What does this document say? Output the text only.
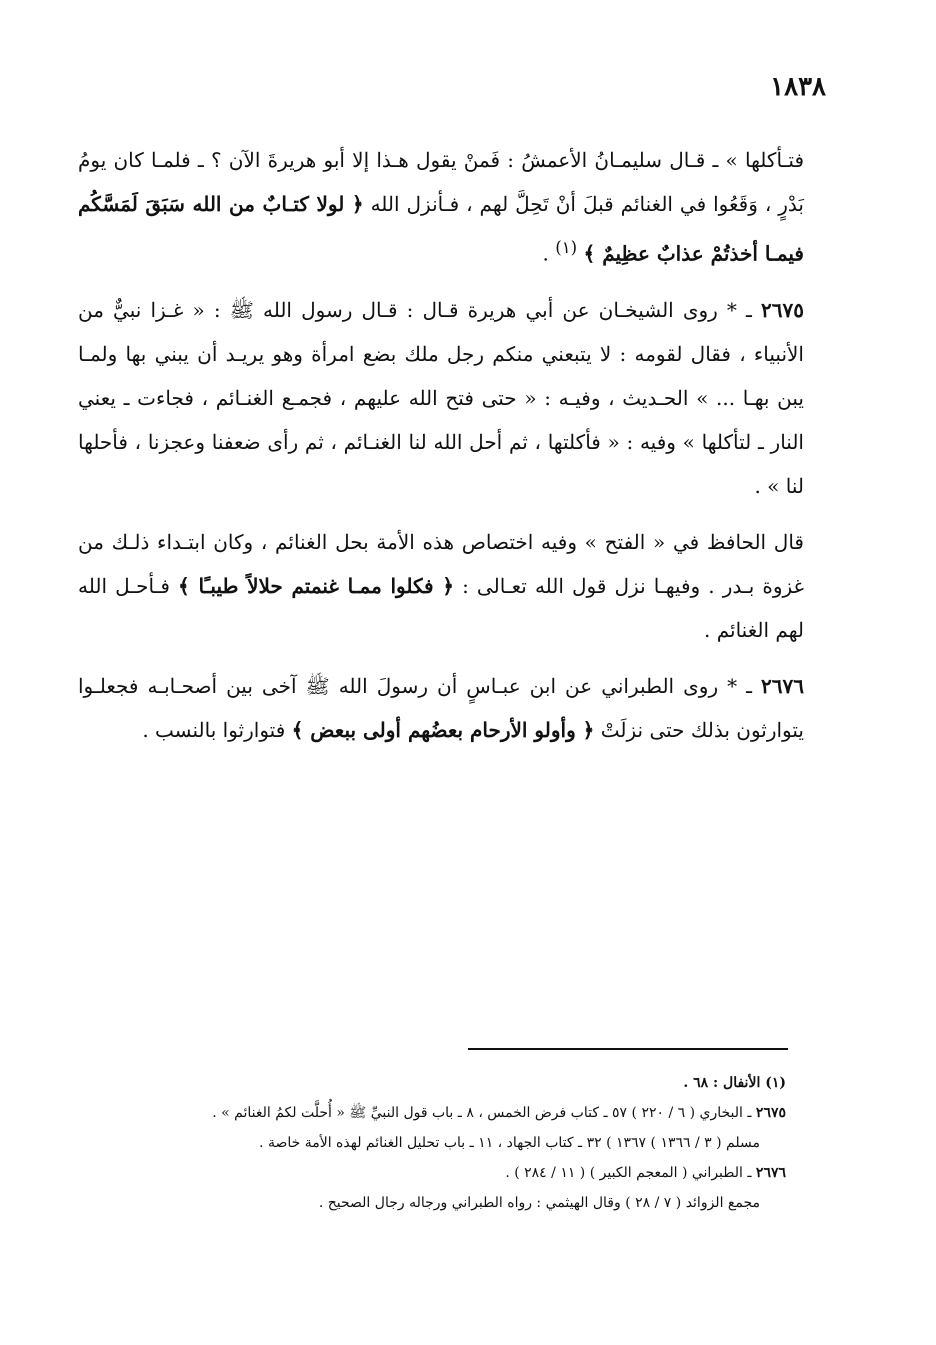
١٨٣٨

فتـأكلها » ـ قـال سليمـانُ الأعمشُ : فَمنْ يقول هـذا إلا أبو هريرةَ الآن ؟ ـ فلمـا كان يومُ بَدْرٍ ، وَقَعُوا في الغنائم قبلَ أنْ تَحِلَّ لهم ، فـأنزل الله ﴿ لولا كتـابٌ من الله سَبَقَ لَمَسَّكُم فيمـا أخذتُمْ عذابٌ عظِيمٌ ﴾ $^{(١)}$ .

٢٦٧٥ ـ * روى الشيخـان عن أبي هريرة قـال : قـال رسول الله ﷺ : « غـزا نبيٌّ من الأنبياء ، فقال لقومه : لا يتبعني منكم رجل ملك بضع امرأة وهو يريـد أن يبني بها ولمـا يبن بهـا ... » الحـديث ، وفيـه : « حتى فتح الله عليهم ، فجمـع الغنـائم ، فجاءت ـ يعني النار ـ لتأكلها » وفيه : « فأكلتها ، ثم أحل الله لنا الغنـائم ، ثم رأى ضعفنا وعجزنا ، فأحلها لنا » .

قال الحافظ في « الفتح » وفيه اختصاص هذه الأمة بحل الغنائم ، وكان ابتـداء ذلـك من غزوة بـدر . وفيهـا نزل قول الله تعـالى : ﴿ فكلوا ممـا غنمتم حلالاً طيبـًا ﴾ فـأحـل الله لهم الغنائم .

٢٦٧٦ ـ * روى الطبراني عن ابن عبـاسٍ أن رسولَ الله ﷺ آخى بين أصحـابـه فجعلـوا يتوارثون بذلك حتى نزلَتْ ﴿ وأولو الأرحام بعضُهم أولى ببعض ﴾ فتوارثوا بالنسب .

(١) الأنفال : ٦٨ .

٢٦٧٥ ـ البخاري ( ٦ / ٢٢٠ ) ٥٧ ـ كتاب فرض الخمس ، ٨ ـ باب قول النبيِّ ﷺ « أُحلَّت لكمُ الغنائم » .

مسلم ( ٣ / ١٣٦٦ ) ١٣٦٧ ) ٣٢ ـ كتاب الجهاد ، ١١ ـ باب تحليل الغنائم لهذه الأمة خاصة .

٢٦٧٦ ـ الطبراني ( المعجم الكبير ) ( ١١ / ٢٨٤ ) .

مجمع الزوائد ( ٧ / ٢٨ ) وقال الهيثمي : رواه الطبراني ورجاله رجال الصحيح .
